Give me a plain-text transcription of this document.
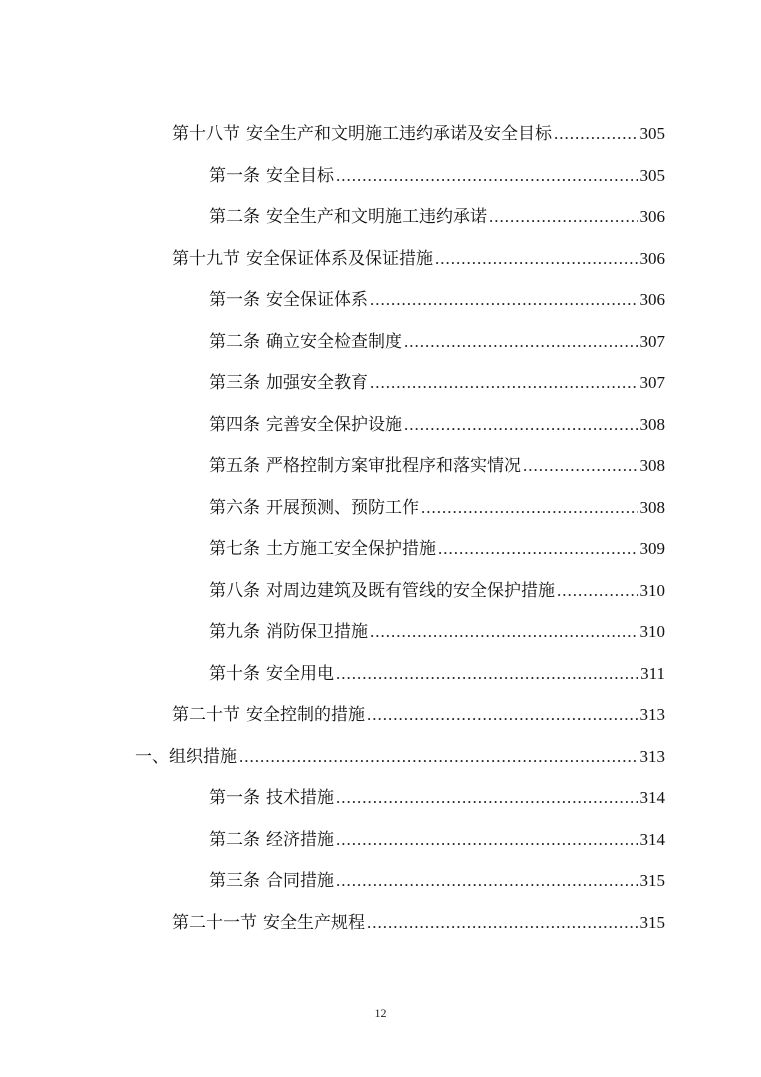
第十八节 安全生产和文明施工违约承诺及安全目标 .....	305
第一条 安全目标 .....	305
第二条 安全生产和文明施工违约承诺 .....	306
第十九节 安全保证体系及保证措施 .....	306
第一条 安全保证体系 .....	306
第二条 确立安全检查制度 .....	307
第三条 加强安全教育 .....	307
第四条 完善安全保护设施 .....	308
第五条 严格控制方案审批程序和落实情况 .....	308
第六条 开展预测、预防工作 .....	308
第七条 土方施工安全保护措施 .....	309
第八条 对周边建筑及既有管线的安全保护措施 .....	310
第九条 消防保卫措施 .....	310
第十条 安全用电 .....	311
第二十节 安全控制的措施 .....	313
一、组织措施 .....	313
第一条 技术措施 .....	314
第二条 经济措施 .....	314
第三条 合同措施 .....	315
第二十一节 安全生产规程 .....	315
12
